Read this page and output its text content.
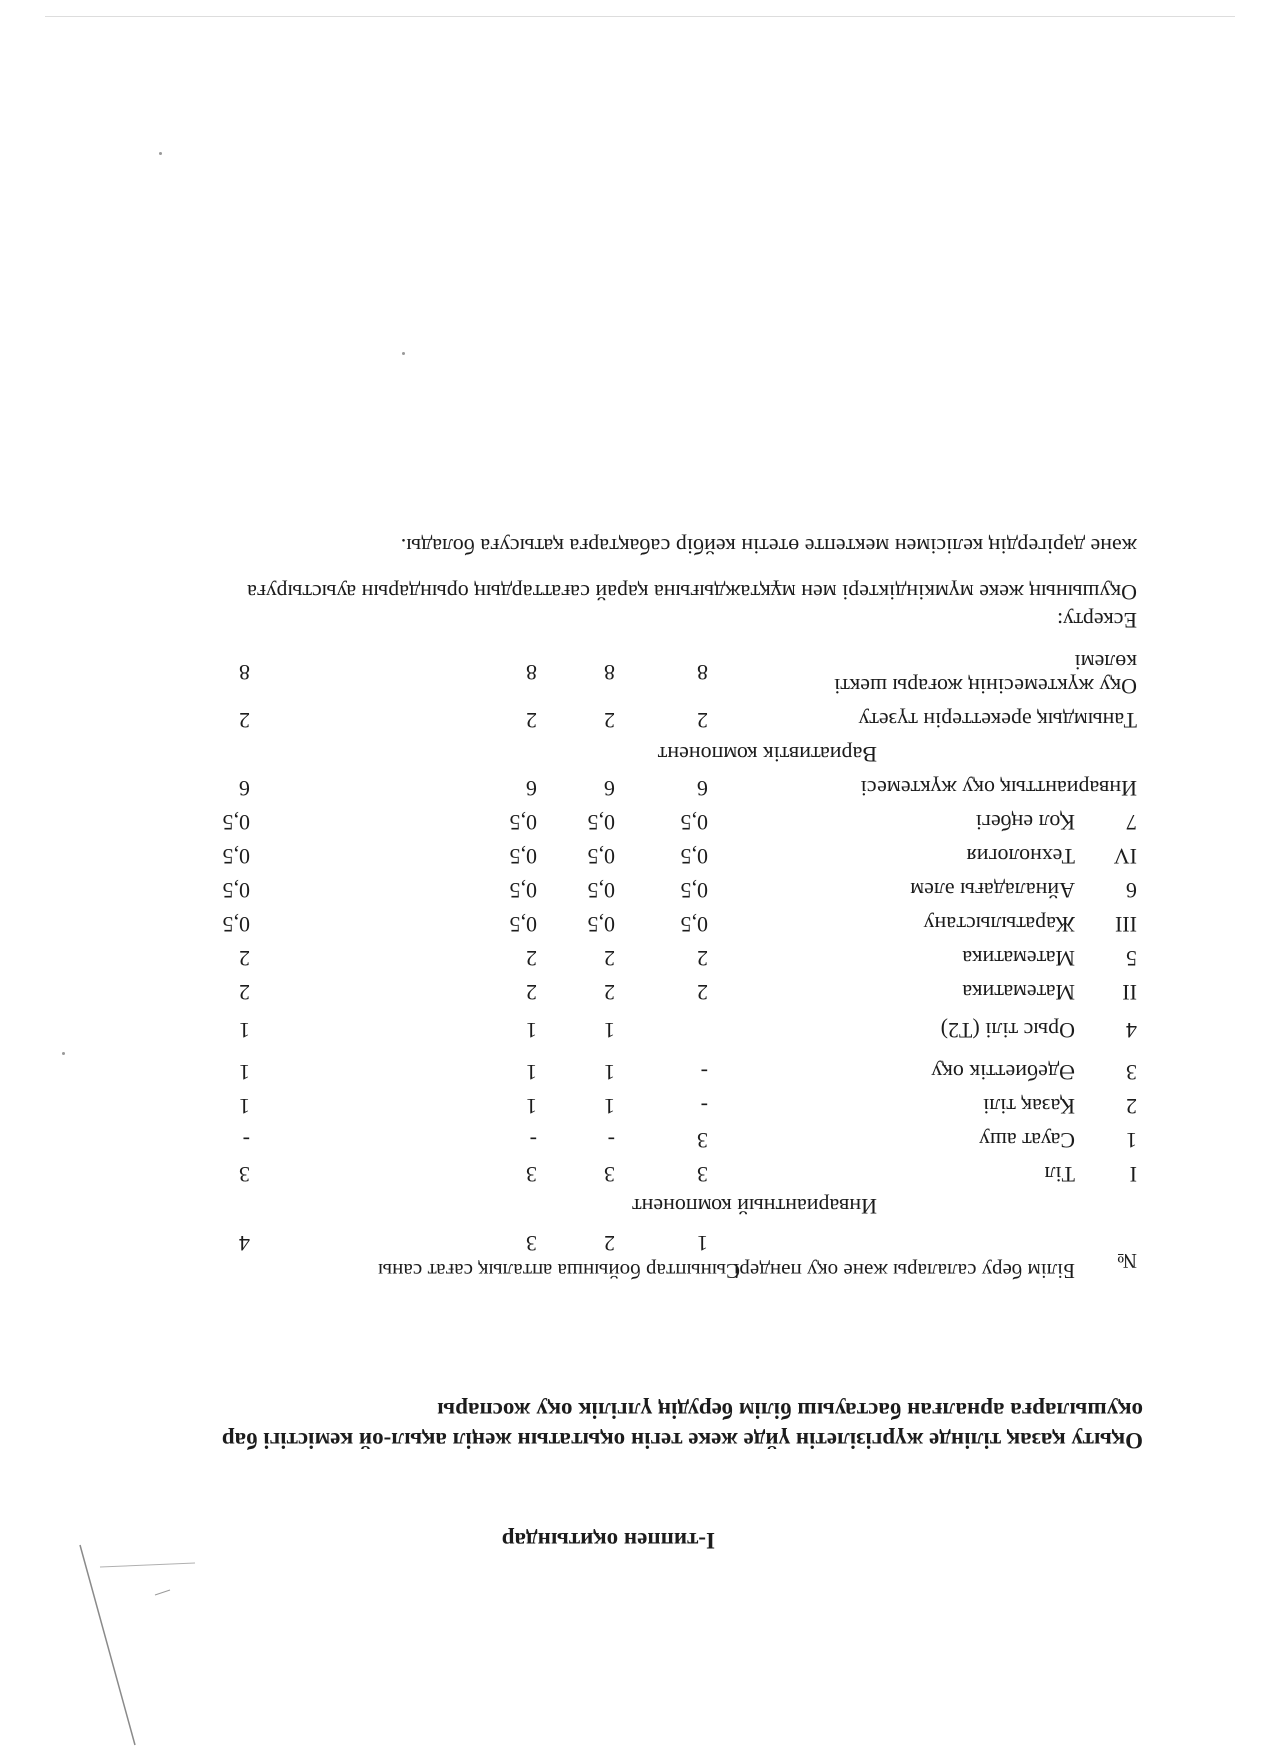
І-типпен оқитындар
Оқыту қазақ тілінде жүргізілетін үйде жеке тегін оқытатын жеңіл ақыл-ой кемістігі бар оқушыларға арналған бастауыш білім берудің үлгілік оқу жоспары
№
Білім беру салалары және оқу пәндері
Сыныптар бойынша апталық сағат саны
1
2
3
4
Инвариантный компонент
I
Тіл
3
3
3
3
1
Сауат ашу
3
-
-
-
2
Қазақ тілі
-
1
1
1
3
Әдебиеттік оқу
-
1
1
1
4
Орыс тілі (Т2)
1
1
1
II
Математика
2
2
2
2
5
Математика
2
2
2
2
III
Жаратылыстану
0,5
0,5
0,5
0,5
6
Айналадағы әлем
0,5
0,5
0,5
0,5
IV
Технология
0,5
0,5
0,5
0,5
7
Қол еңбегі
0,5
0,5
0,5
0,5
Инварианттық оқу жүктемесі
6
6
6
6
Вариативтік компонент
Танымдық әрекеттерін түзету
2
2
2
2
Оқу жүктемесінің жоғары шекті
көлемі
8
8
8
8
Ескерту:
Оқушының жеке мүмкіндіктері мен мұқтаждығына қарай сағаттардың орындарын ауыстыруға
және дәрігердің келісімен мектепте өтетін кейбір сабақтарға қатысуға болады.
